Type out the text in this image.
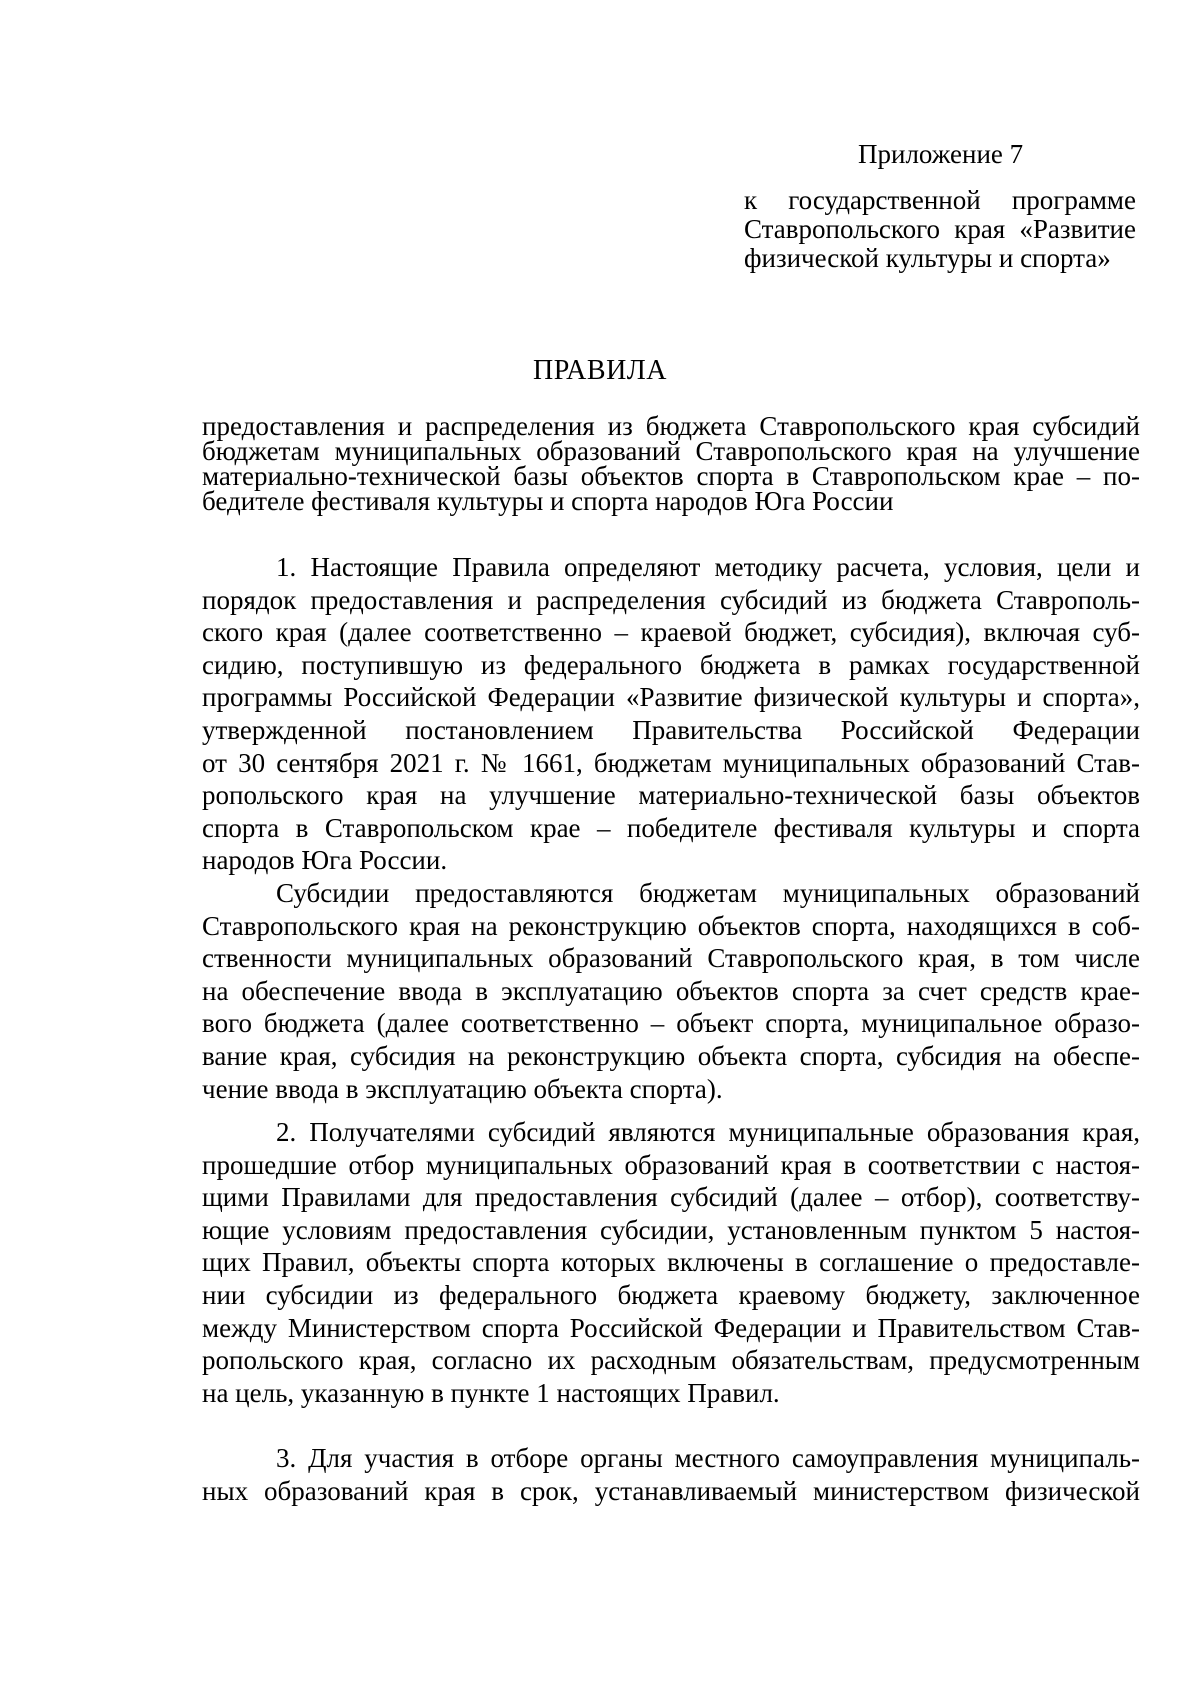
Приложение 7
к государственной программе
Ставропольского края «Развитие
физической культуры и спорта»
ПРАВИЛА
предоставления и распределения из бюджета Ставропольского края субсидий
бюджетам муниципальных образований Ставропольского края на улучшение
материально-технической базы объектов спорта в Ставропольском крае – по-
бедителе фестиваля культуры и спорта народов Юга России
1. Настоящие Правила определяют методику расчета, условия, цели и
порядок предоставления и распределения субсидий из бюджета Ставрополь-
ского края (далее соответственно – краевой бюджет, субсидия), включая суб-
сидию, поступившую из федерального бюджета в рамках государственной
программы Российской Федерации «Развитие физической культуры и спорта»,
утвержденной постановлением Правительства Российской Федерации
от 30 сентября 2021 г. № 1661, бюджетам муниципальных образований Став-
ропольского края на улучшение материально-технической базы объектов
спорта в Ставропольском крае – победителе фестиваля культуры и спорта
народов Юга России.
Субсидии предоставляются бюджетам муниципальных образований
Ставропольского края на реконструкцию объектов спорта, находящихся в соб-
ственности муниципальных образований Ставропольского края, в том числе
на обеспечение ввода в эксплуатацию объектов спорта за счет средств крае-
вого бюджета (далее соответственно – объект спорта, муниципальное образо-
вание края, субсидия на реконструкцию объекта спорта, субсидия на обеспе-
чение ввода в эксплуатацию объекта спорта).
2. Получателями субсидий являются муниципальные образования края,
прошедшие отбор муниципальных образований края в соответствии с настоя-
щими Правилами для предоставления субсидий (далее – отбор), соответству-
ющие условиям предоставления субсидии, установленным пунктом 5 настоя-
щих Правил, объекты спорта которых включены в соглашение о предоставле-
нии субсидии из федерального бюджета краевому бюджету, заключенное
между Министерством спорта Российской Федерации и Правительством Став-
ропольского края, согласно их расходным обязательствам, предусмотренным
на цель, указанную в пункте 1 настоящих Правил.
3. Для участия в отборе органы местного самоуправления муниципаль-
ных образований края в срок, устанавливаемый министерством физической
